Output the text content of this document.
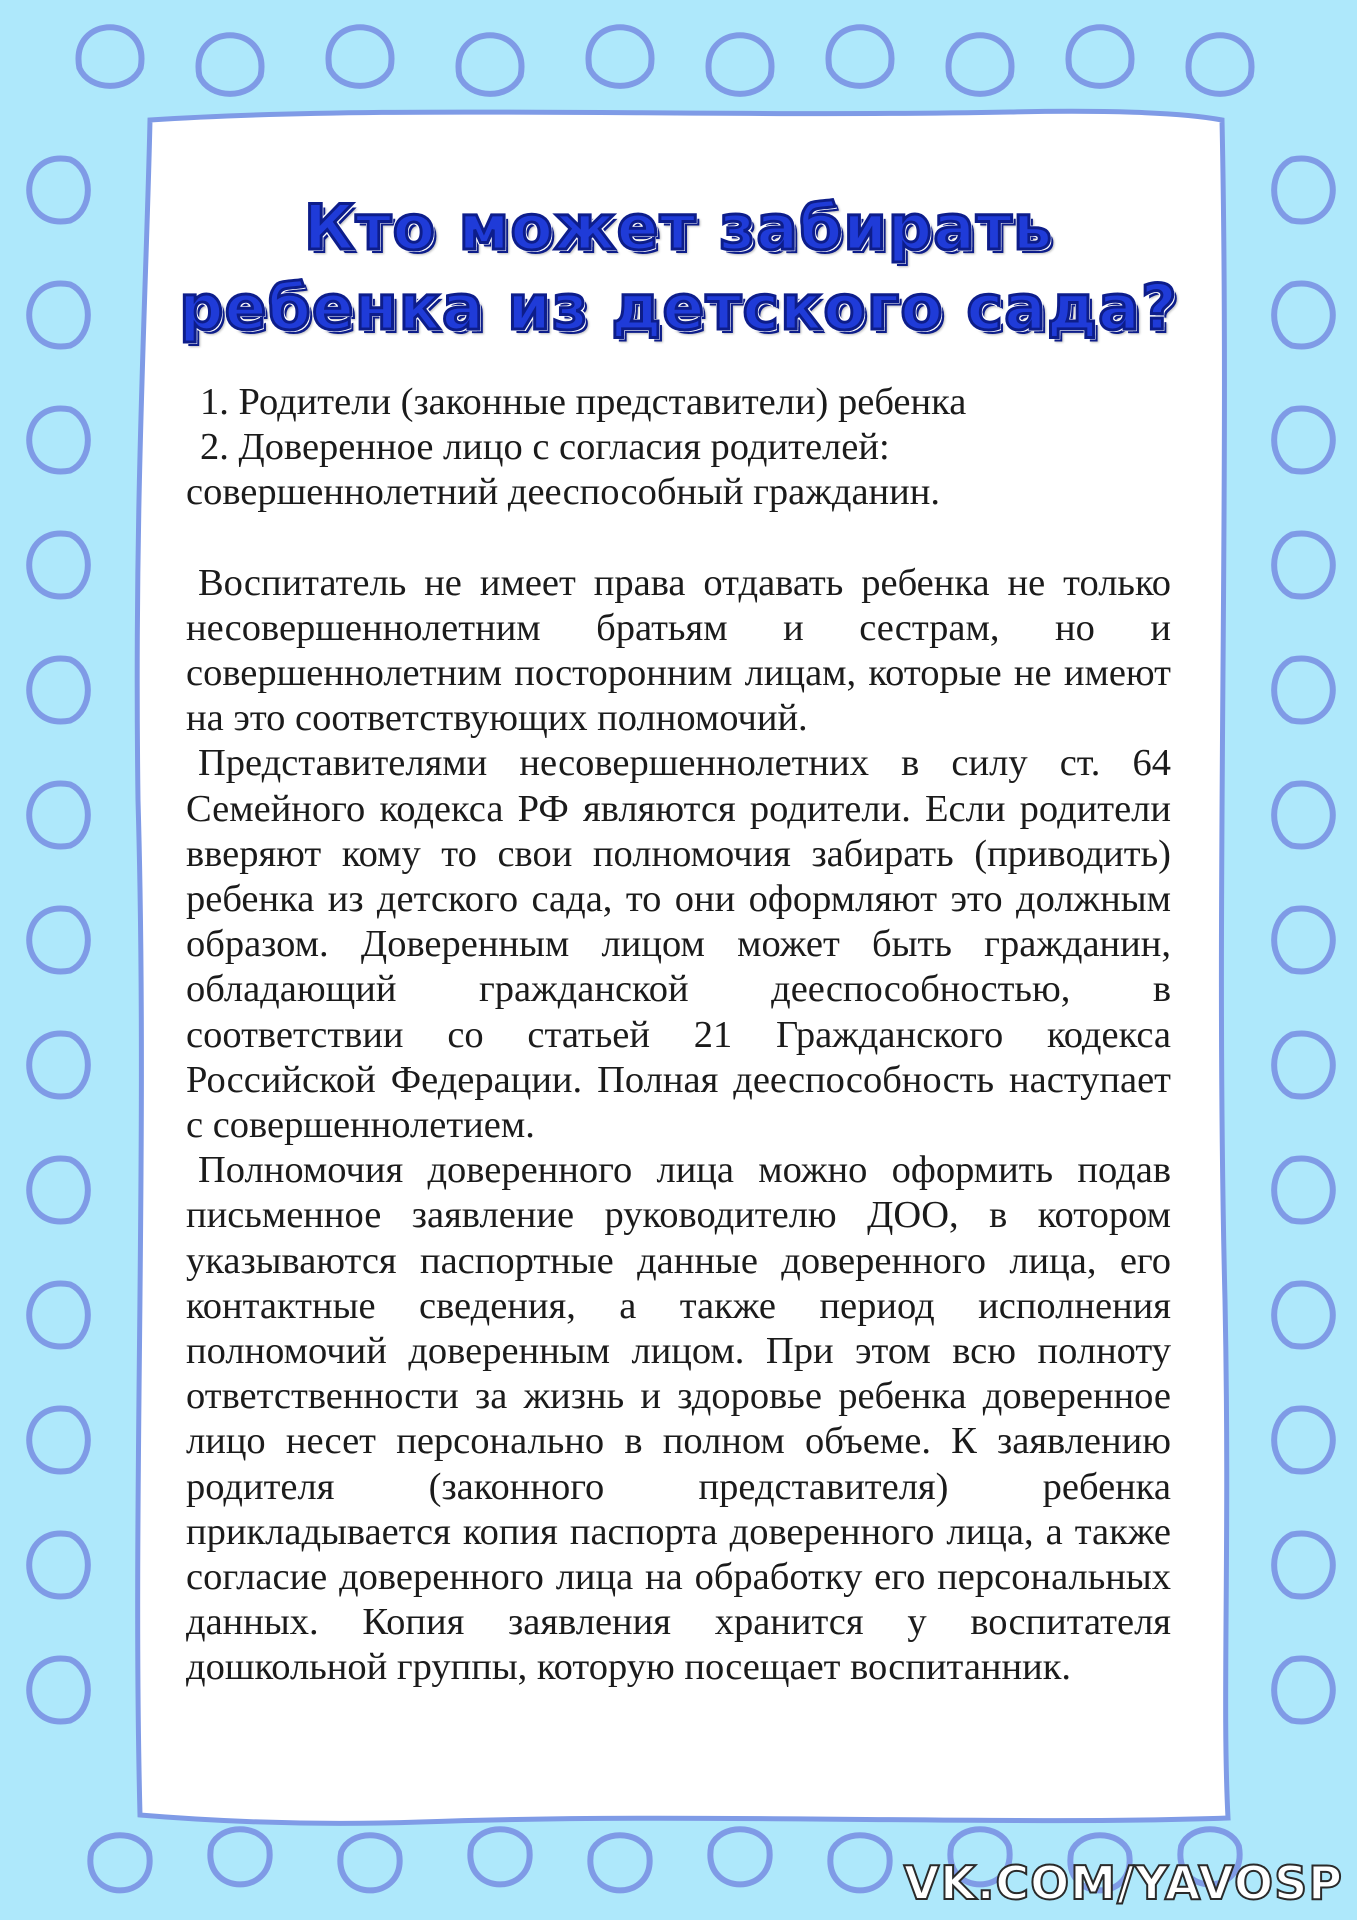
Кто может забирать
ребенка из детского сада?

1. Родители (законные представители) ребенка

2. Доверенное лицо с согласия родителей: совершеннолетний дееспособный гражданин.

Воспитатель не имеет права отдавать ребенка не только несовершеннолетним братьям и сестрам, но и совершеннолетним посторонним лицам, которые не имеют на это соответствующих полномочий.

Представителями несовершеннолетних в силу ст. 64 Семейного кодекса РФ являются родители. Если родители вверяют кому то свои полномочия забирать (приводить) ребенка из детского сада, то они оформляют это должным образом. Доверенным лицом может быть гражданин, обладающий гражданской дееспособностью, в соответствии со статьей 21 Гражданского кодекса Российской Федерации. Полная дееспособность наступает с совершеннолетием.

Полномочия доверенного лица можно оформить подав письменное заявление руководителю ДОО, в котором указываются паспортные данные доверенного лица, его контактные сведения, а также период исполнения полномочий доверенным лицом. При этом всю полноту ответственности за жизнь и здоровье ребенка доверенное лицо несет персонально в полном объеме. К заявлению родителя (законного представителя) ребенка прикладывается копия паспорта доверенного лица, а также согласие доверенного лица на обработку его персональных данных. Копия заявления хранится у воспитателя дошкольной группы, которую посещает воспитанник.

VK.COM/YAVOSP
